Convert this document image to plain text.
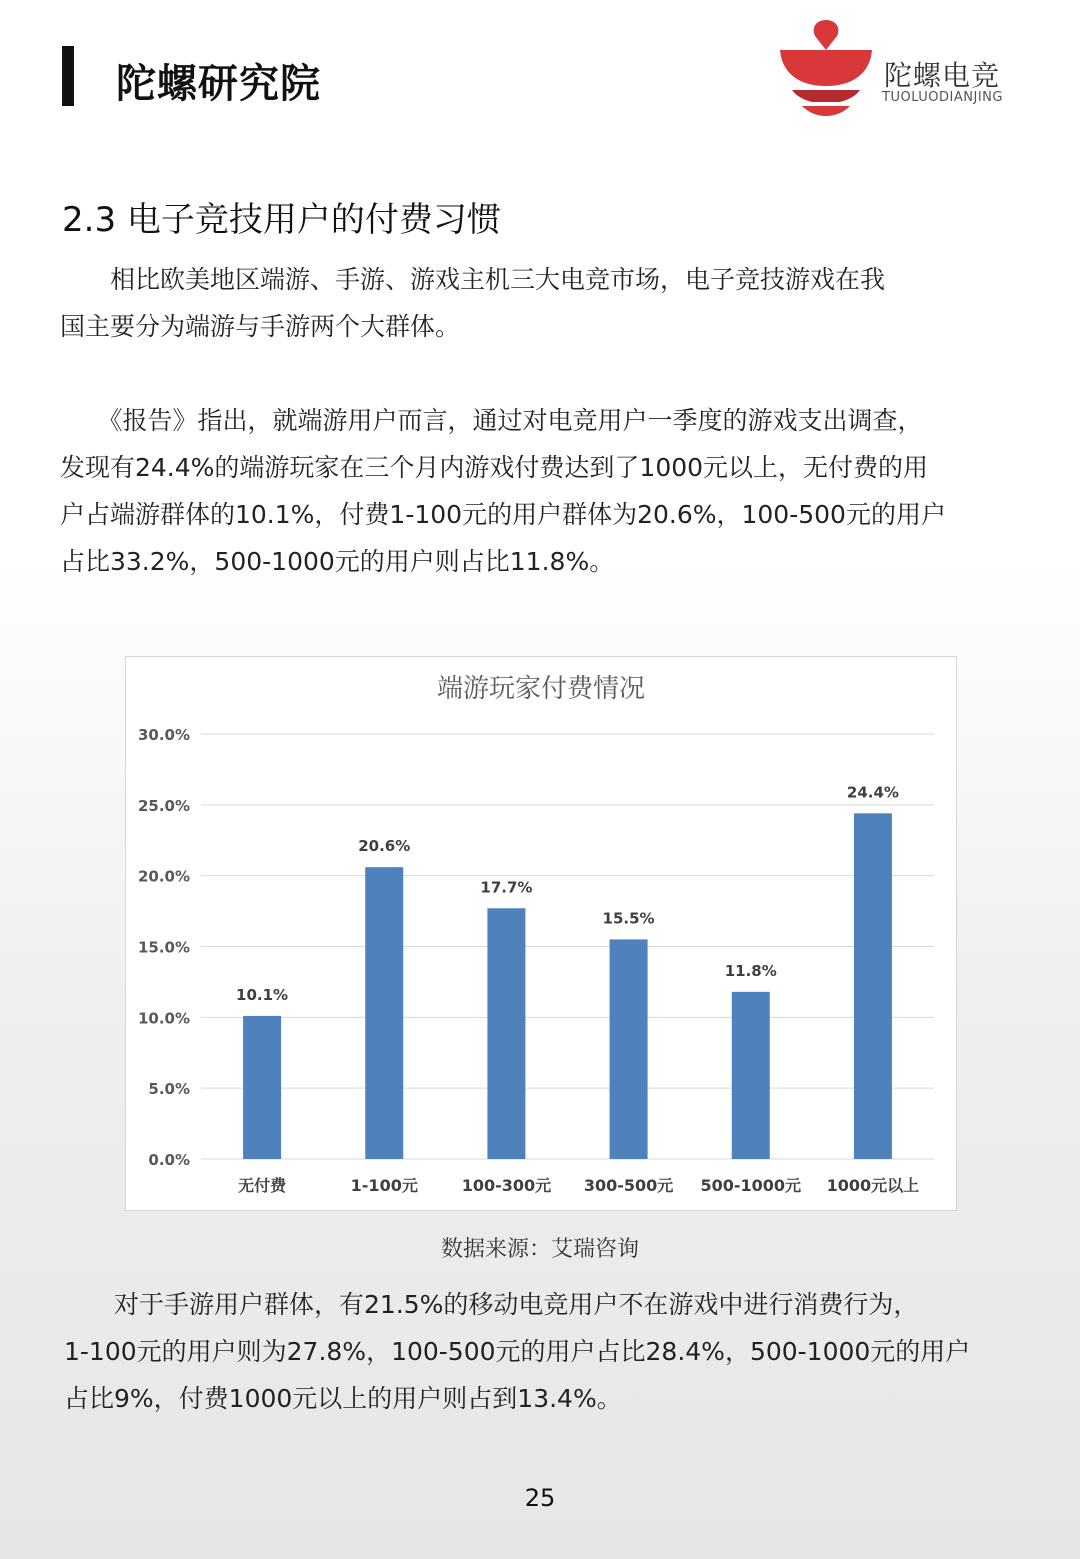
陀螺研究院	陀螺电竞
TUOLUODIANJING
2.3 电子竞技用户的付费习惯
　　相比欧美地区端游、手游、游戏主机三大电竞市场，电子竞技游戏在我
国主要分为端游与手游两个大群体。
　　《报告》指出，就端游用户而言，通过对电竞用户一季度的游戏支出调查，
发现有24.4%的端游玩家在三个月内游戏付费达到了1000元以上，无付费的用
户占端游群体的10.1%，付费1-100元的用户群体为20.6%，100-500元的用户
占比33.2%，500-1000元的用户则占比11.8%。
端游玩家付费情况
0.0%
5.0%
10.0%
15.0%
20.0%
25.0%
30.0%
10.1%
无付费
20.6%
1-100元
17.7%
100-300元
15.5%
300-500元
11.8%
500-1000元
24.4%
1000元以上
数据来源：艾瑞咨询
　　对于手游用户群体，有21.5%的移动电竞用户不在游戏中进行消费行为，
1-100元的用户则为27.8%，100-500元的用户占比28.4%，500-1000元的用户
占比9%，付费1000元以上的用户则占到13.4%。
25
